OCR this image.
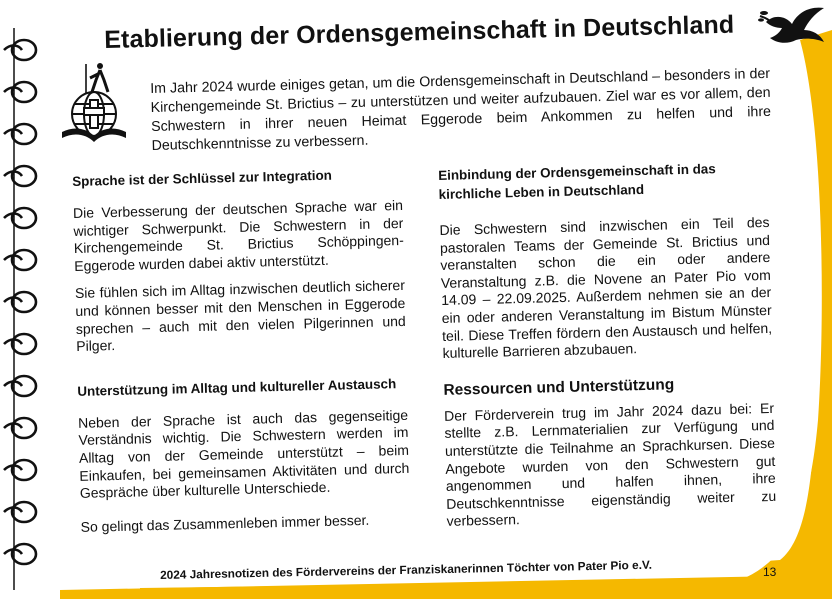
Etablierung der Ordensgemeinschaft in Deutschland
Im Jahr 2024 wurde einiges getan, um die Ordensgemeinschaft in Deutschland – besonders in der Kirchengemeinde St. Brictius – zu unterstützen und weiter aufzubauen. Ziel war es vor allem, den Schwestern in ihrer neuen Heimat Eggerode beim Ankommen zu helfen und ihre Deutschkenntnisse zu verbessern.
Sprache ist der Schlüssel zur Integration
Die Verbesserung der deutschen Sprache war ein wichtiger Schwerpunkt. Die Schwestern in der Kirchengemeinde St. Brictius Schöppingen-Eggerode wurden dabei aktiv unterstützt.
Sie fühlen sich im Alltag inzwischen deutlich sicherer und können besser mit den Menschen in Eggerode sprechen – auch mit den vielen Pilgerinnen und Pilger.
Unterstützung im Alltag und kultureller Austausch
Neben der Sprache ist auch das gegenseitige Verständnis wichtig. Die Schwestern werden im Alltag von der Gemeinde unterstützt – beim Einkaufen, bei gemeinsamen Aktivitäten und durch Gespräche über kulturelle Unterschiede.
So gelingt das Zusammenleben immer besser.
Einbindung der Ordensgemeinschaft in das kirchliche Leben in Deutschland
Die Schwestern sind inzwischen ein Teil des pastoralen Teams der Gemeinde St. Brictius und veranstalten schon die ein oder andere Veranstaltung z.B. die Novene an Pater Pio vom 14.09 – 22.09.2025. Außerdem nehmen sie an der ein oder anderen Veranstaltung im Bistum Münster teil. Diese Treffen fördern den Austausch und helfen, kulturelle Barrieren abzubauen.
Ressourcen und Unterstützung
Der Förderverein trug im Jahr 2024 dazu bei: Er stellte z.B. Lernmaterialien zur Verfügung und unterstützte die Teilnahme an Sprachkursen. Diese Angebote wurden von den Schwestern gut angenommen und halfen ihnen, ihre Deutschkenntnisse eigenständig weiter zu verbessern.
2024 Jahresnotizen des Fördervereins der Franziskanerinnen Töchter von Pater Pio e.V.	13
